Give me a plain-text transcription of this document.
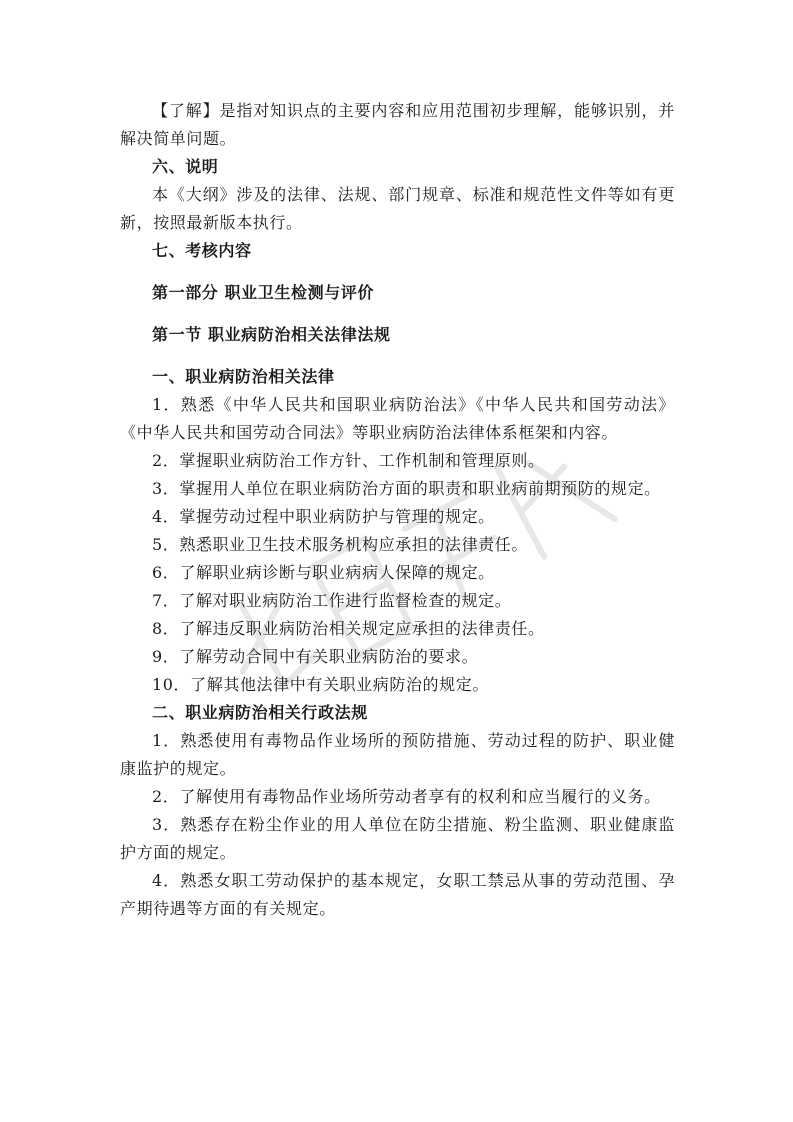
【了解】是指对知识点的主要内容和应用范围初步理解，能够识别，并解决简单问题。

六、说明

本《大纲》涉及的法律、法规、部门规章、标准和规范性文件等如有更新，按照最新版本执行。

七、考核内容

第一部分 职业卫生检测与评价

第一节 职业病防治相关法律法规

一、职业病防治相关法律

1．熟悉《中华人民共和国职业病防治法》《中华人民共和国劳动法》《中华人民共和国劳动合同法》等职业病防治法律体系框架和内容。

2．掌握职业病防治工作方针、工作机制和管理原则。

3．掌握用人单位在职业病防治方面的职责和职业病前期预防的规定。

4．掌握劳动过程中职业病防护与管理的规定。

5．熟悉职业卫生技术服务机构应承担的法律责任。

6．了解职业病诊断与职业病病人保障的规定。

7．了解对职业病防治工作进行监督检查的规定。

8．了解违反职业病防治相关规定应承担的法律责任。

9．了解劳动合同中有关职业病防治的要求。

10．了解其他法律中有关职业病防治的规定。

二、职业病防治相关行政法规

1．熟悉使用有毒物品作业场所的预防措施、劳动过程的防护、职业健康监护的规定。

2．了解使用有毒物品作业场所劳动者享有的权利和应当履行的义务。

3．熟悉存在粉尘作业的用人单位在防尘措施、粉尘监测、职业健康监护方面的规定。

4．熟悉女职工劳动保护的基本规定，女职工禁忌从事的劳动范围、孕产期待遇等方面的有关规定。
